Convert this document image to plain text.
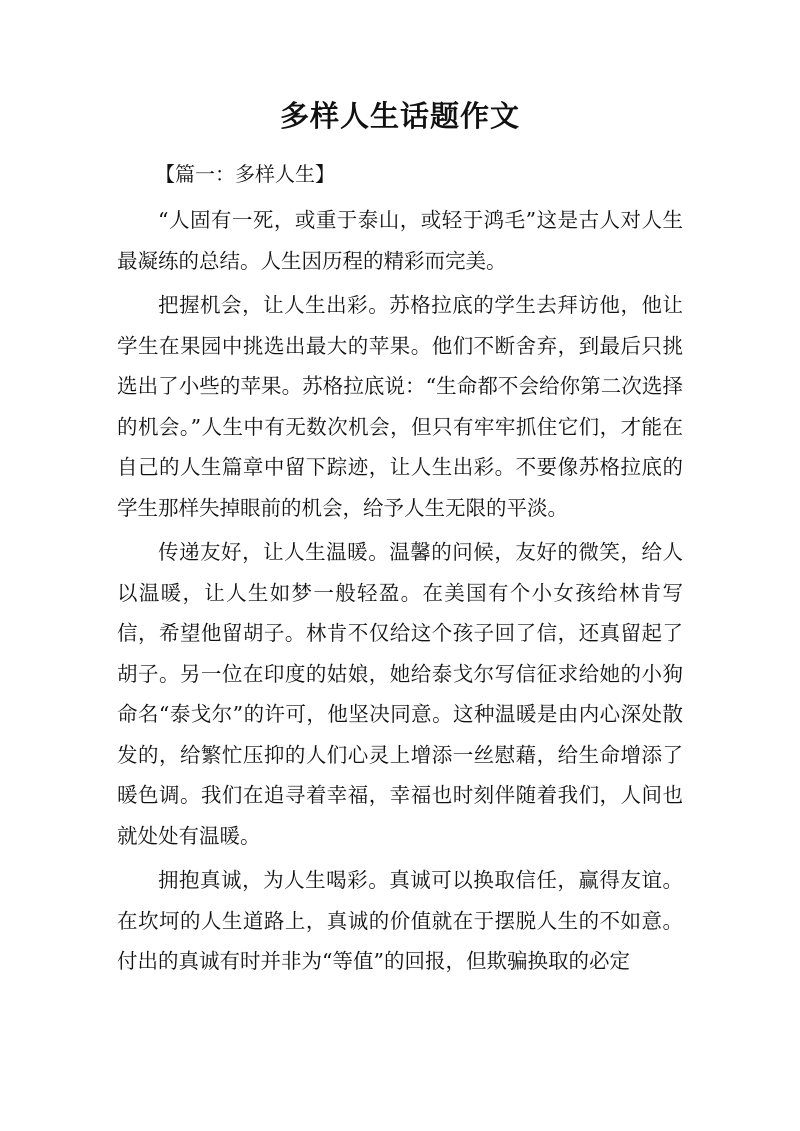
多样人生话题作文
【篇一：多样人生】

“人固有一死，或重于泰山，或轻于鸿毛”这是古人对人生最凝练的总结。人生因历程的精彩而完美。

把握机会，让人生出彩。苏格拉底的学生去拜访他，他让学生在果园中挑选出最大的苹果。他们不断舍弃，到最后只挑选出了小些的苹果。苏格拉底说：“生命都不会给你第二次选择的机会。”人生中有无数次机会，但只有牢牢抓住它们，才能在自己的人生篇章中留下踪迹，让人生出彩。不要像苏格拉底的学生那样失掉眼前的机会，给予人生无限的平淡。

传递友好，让人生温暖。温馨的问候，友好的微笑，给人以温暖，让人生如梦一般轻盈。在美国有个小女孩给林肯写信，希望他留胡子。林肯不仅给这个孩子回了信，还真留起了胡子。另一位在印度的姑娘，她给泰戈尔写信征求给她的小狗命名“泰戈尔”的许可，他坚决同意。这种温暖是由内心深处散发的，给繁忙压抑的人们心灵上增添一丝慰藉，给生命增添了暖色调。我们在追寻着幸福，幸福也时刻伴随着我们，人间也就处处有温暖。

拥抱真诚，为人生喝彩。真诚可以换取信任，赢得友谊。在坎坷的人生道路上，真诚的价值就在于摆脱人生的不如意。付出的真诚有时并非为“等值”的回报，但欺骗换取的必定
